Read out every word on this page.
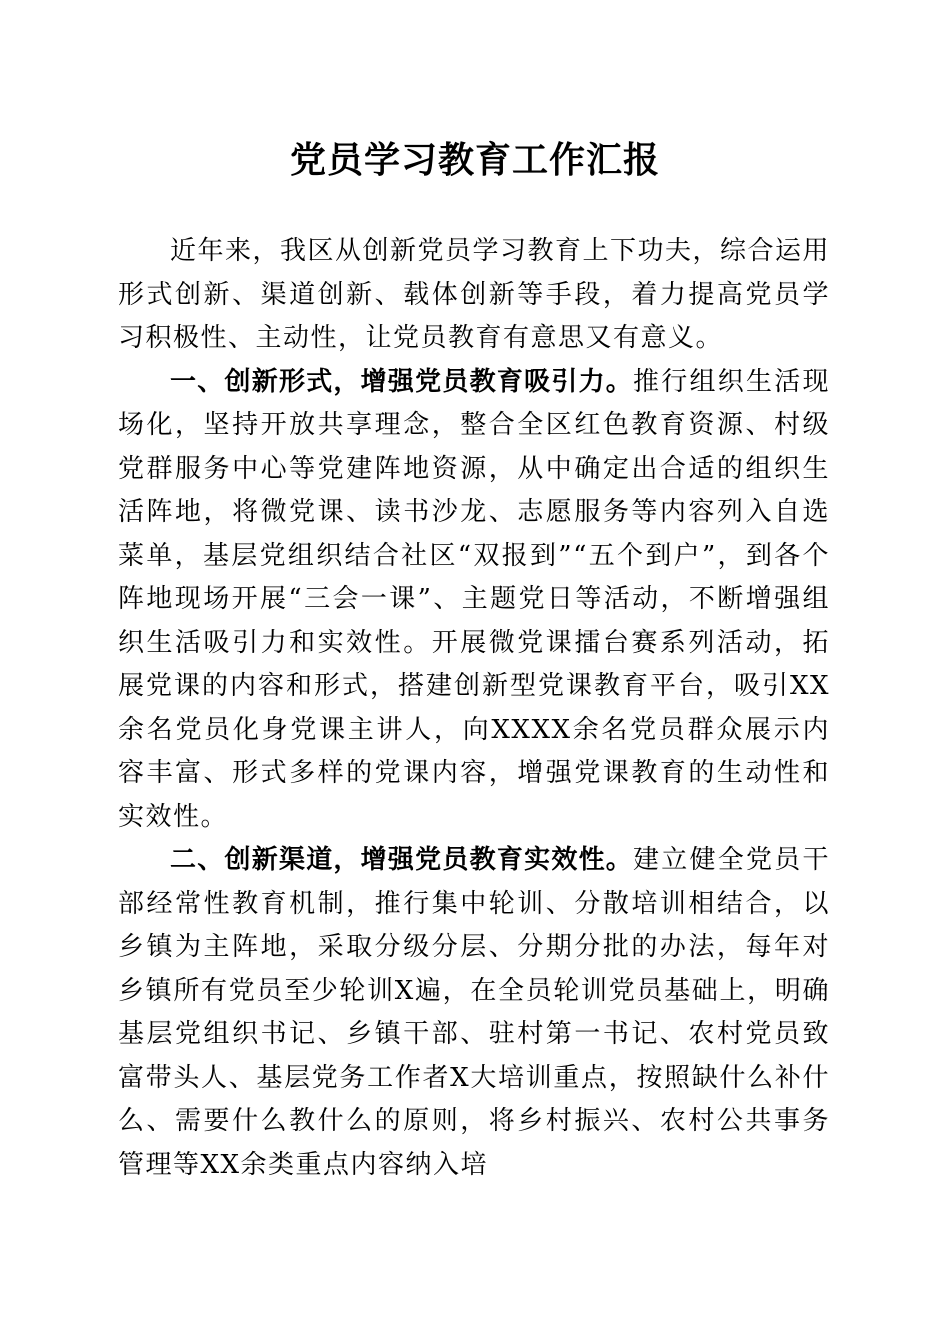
党员学习教育工作汇报

近年来，我区从创新党员学习教育上下功夫，综合运用形式创新、渠道创新、载体创新等手段，着力提高党员学习积极性、主动性，让党员教育有意思又有意义。

一、创新形式，增强党员教育吸引力。推行组织生活现场化，坚持开放共享理念，整合全区红色教育资源、村级党群服务中心等党建阵地资源，从中确定出合适的组织生活阵地，将微党课、读书沙龙、志愿服务等内容列入自选菜单，基层党组织结合社区“双报到”“五个到户”，到各个阵地现场开展“三会一课”、主题党日等活动，不断增强组织生活吸引力和实效性。开展微党课擂台赛系列活动，拓展党课的内容和形式，搭建创新型党课教育平台，吸引XX余名党员化身党课主讲人，向XXXX余名党员群众展示内容丰富、形式多样的党课内容，增强党课教育的生动性和实效性。

二、创新渠道，增强党员教育实效性。建立健全党员干部经常性教育机制，推行集中轮训、分散培训相结合，以乡镇为主阵地，采取分级分层、分期分批的办法，每年对乡镇所有党员至少轮训X遍，在全员轮训党员基础上，明确基层党组织书记、乡镇干部、驻村第一书记、农村党员致富带头人、基层党务工作者X大培训重点，按照缺什么补什么、需要什么教什么的原则，将乡村振兴、农村公共事务管理等XX余类重点内容纳入培
